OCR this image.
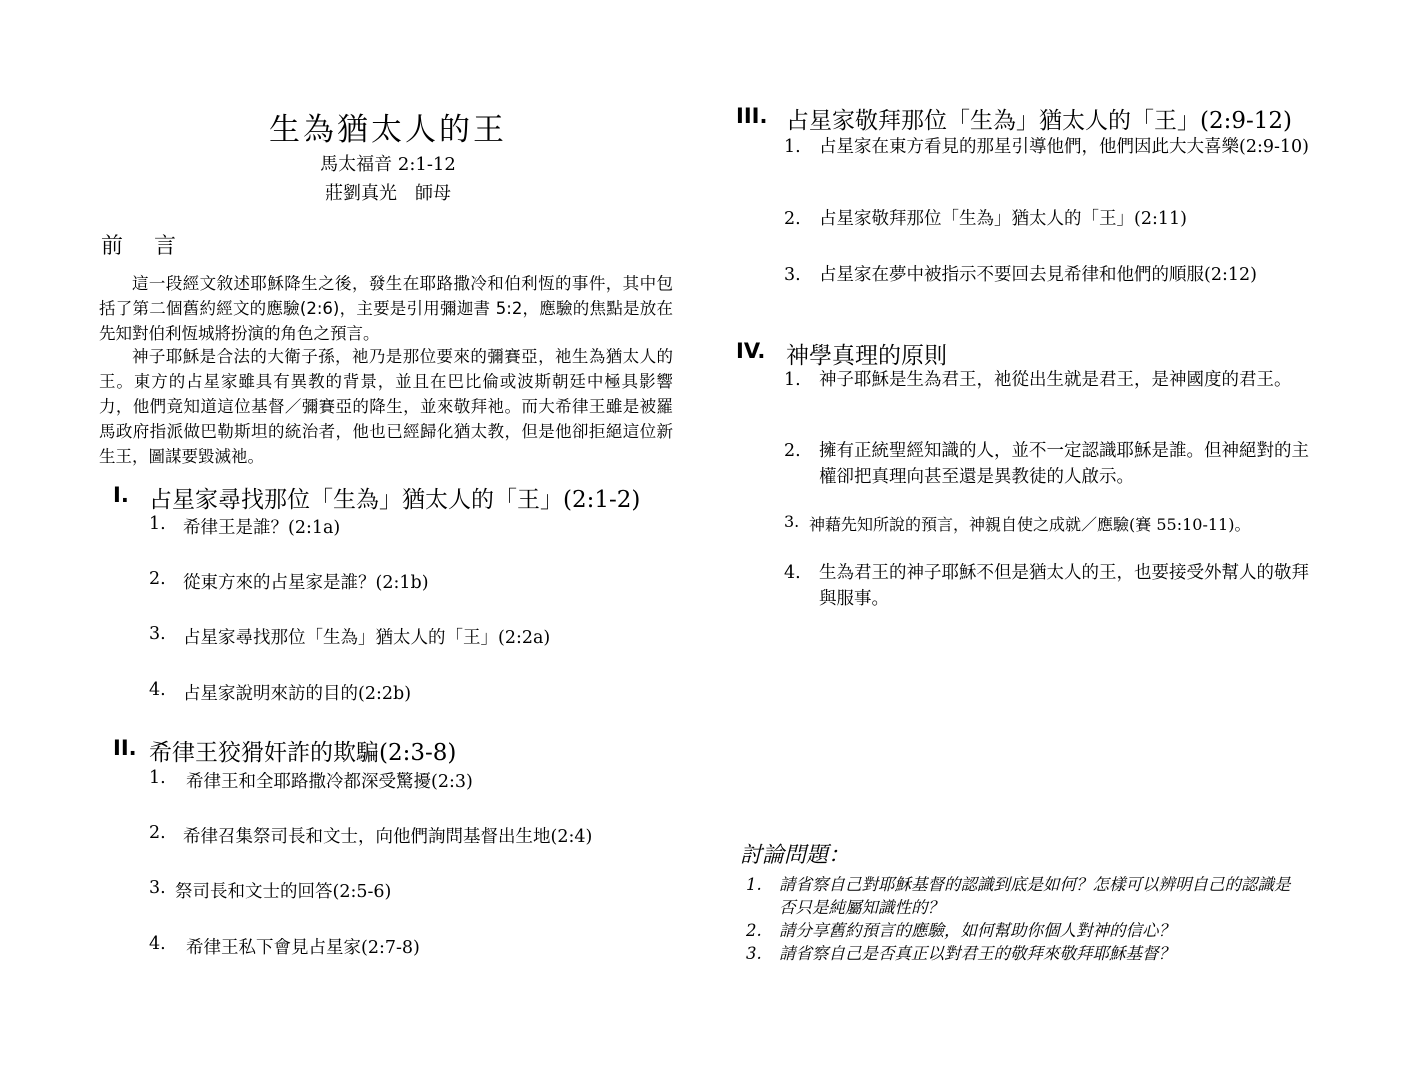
生為猶太人的王
馬太福音 2:1-12
莊劉真光　師母
前 言
這一段經文敘述耶穌降生之後，發生在耶路撒冷和伯利恆的事件，其中包括了第二個舊約經文的應驗(2:6)，主要是引用彌迦書 5:2，應驗的焦點是放在先知對伯利恆城將扮演的角色之預言。
神子耶穌是合法的大衛子孫，祂乃是那位要來的彌賽亞，祂生為猶太人的王。東方的占星家雖具有異教的背景，並且在巴比倫或波斯朝廷中極具影響力，他們竟知道這位基督／彌賽亞的降生，並來敬拜祂。而大希律王雖是被羅馬政府指派做巴勒斯坦的統治者，他也已經歸化猶太教，但是他卻拒絕這位新生王，圖謀要毀滅祂。
I. 占星家尋找那位「生為」猶太人的「王」(2:1-2)
1. 希律王是誰？(2:1a)
2. 從東方來的占星家是誰？(2:1b)
3. 占星家尋找那位「生為」猶太人的「王」(2:2a)
4. 占星家說明來訪的目的(2:2b)
II. 希律王狡猾奸詐的欺騙(2:3-8)
1. 希律王和全耶路撒冷都深受驚擾(2:3)
2. 希律召集祭司長和文士，向他們詢問基督出生地(2:4)
3. 祭司長和文士的回答(2:5-6)
4. 希律王私下會見占星家(2:7-8)
III. 占星家敬拜那位「生為」猶太人的「王」(2:9-12)
1.	占星家在東方看見的那星引導他們，他們因此大大喜樂(2:9-10)
2.	占星家敬拜那位「生為」猶太人的「王」(2:11)
3.	占星家在夢中被指示不要回去見希律和他們的順服(2:12)
IV. 神學真理的原則
1.	神子耶穌是生為君王，祂從出生就是君王，是神國度的君王。
2.	擁有正統聖經知識的人，並不一定認識耶穌是誰。但神絕對的主權卻把真理向甚至還是異教徒的人啟示。
3. 神藉先知所說的預言，神親自使之成就／應驗(賽 55:10-11)。
4.	生為君王的神子耶穌不但是猶太人的王，也要接受外幫人的敬拜與服事。
討論問題：
1.	請省察自己對耶穌基督的認識到底是如何？怎樣可以辨明自己的認識是否只是純屬知識性的？
2.	請分享舊約預言的應驗，如何幫助你個人對神的信心？
3.	請省察自己是否真正以對君王的敬拜來敬拜耶穌基督？
